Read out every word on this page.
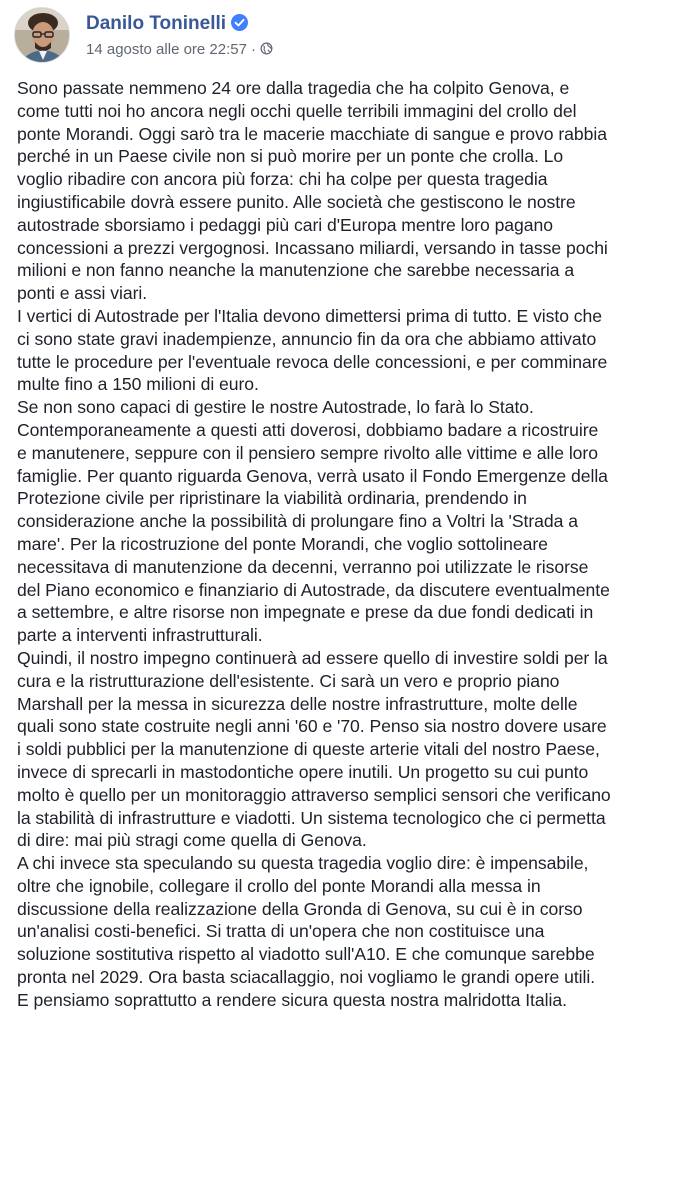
Danilo Toninelli
14 agosto alle ore 22:57 ·

Sono passate nemmeno 24 ore dalla tragedia che ha colpito Genova, e
come tutti noi ho ancora negli occhi quelle terribili immagini del crollo del
ponte Morandi. Oggi sarò tra le macerie macchiate di sangue e provo rabbia
perché in un Paese civile non si può morire per un ponte che crolla. Lo
voglio ribadire con ancora più forza: chi ha colpe per questa tragedia
ingiustificabile dovrà essere punito. Alle società che gestiscono le nostre
autostrade sborsiamo i pedaggi più cari d'Europa mentre loro pagano
concessioni a prezzi vergognosi. Incassano miliardi, versando in tasse pochi
milioni e non fanno neanche la manutenzione che sarebbe necessaria a
ponti e assi viari.

I vertici di Autostrade per l'Italia devono dimettersi prima di tutto. E visto che
ci sono state gravi inadempienze, annuncio fin da ora che abbiamo attivato
tutte le procedure per l'eventuale revoca delle concessioni, e per comminare
multe fino a 150 milioni di euro.

Se non sono capaci di gestire le nostre Autostrade, lo farà lo Stato.
Contemporaneamente a questi atti doverosi, dobbiamo badare a ricostruire
e manutenere, seppure con il pensiero sempre rivolto alle vittime e alle loro
famiglie. Per quanto riguarda Genova, verrà usato il Fondo Emergenze della
Protezione civile per ripristinare la viabilità ordinaria, prendendo in
considerazione anche la possibilità di prolungare fino a Voltri la 'Strada a
mare'. Per la ricostruzione del ponte Morandi, che voglio sottolineare
necessitava di manutenzione da decenni, verranno poi utilizzate le risorse
del Piano economico e finanziario di Autostrade, da discutere eventualmente
a settembre, e altre risorse non impegnate e prese da due fondi dedicati in
parte a interventi infrastrutturali.

Quindi, il nostro impegno continuerà ad essere quello di investire soldi per la
cura e la ristrutturazione dell'esistente. Ci sarà un vero e proprio piano
Marshall per la messa in sicurezza delle nostre infrastrutture, molte delle
quali sono state costruite negli anni '60 e '70. Penso sia nostro dovere usare
i soldi pubblici per la manutenzione di queste arterie vitali del nostro Paese,
invece di sprecarli in mastodontiche opere inutili. Un progetto su cui punto
molto è quello per un monitoraggio attraverso semplici sensori che verificano
la stabilità di infrastrutture e viadotti. Un sistema tecnologico che ci permetta
di dire: mai più stragi come quella di Genova.

A chi invece sta speculando su questa tragedia voglio dire: è impensabile,
oltre che ignobile, collegare il crollo del ponte Morandi alla messa in
discussione della realizzazione della Gronda di Genova, su cui è in corso
un'analisi costi-benefici. Si tratta di un'opera che non costituisce una
soluzione sostitutiva rispetto al viadotto sull'A10. E che comunque sarebbe
pronta nel 2029. Ora basta sciacallaggio, noi vogliamo le grandi opere utili.
E pensiamo soprattutto a rendere sicura questa nostra malridotta Italia.
